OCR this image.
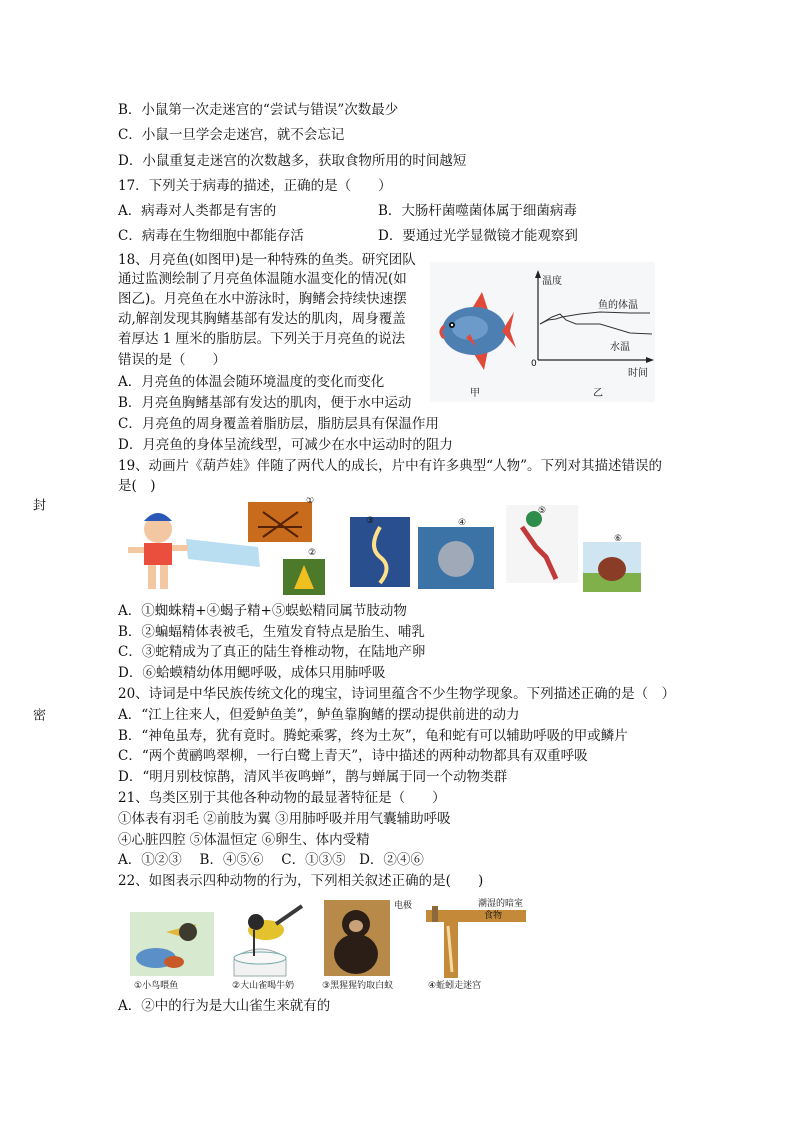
封
密
B．小鼠第一次走迷宫的“尝试与错误”次数最少
C．小鼠一旦学会走迷宫，就不会忘记
D．小鼠重复走迷宫的次数越多，获取食物所用的时间越短
17．下列关于病毒的描述，正确的是（　　）
A．病毒对人类都是有害的	B．大肠杆菌噬菌体属于细菌病毒
C．病毒在生物细胞中都能存活	D．要通过光学显微镜才能观察到
18、月亮鱼(如图甲)是一种特殊的鱼类。研究团队
通过监测绘制了月亮鱼体温随水温变化的情况(如
图乙)。月亮鱼在水中游泳时，胸鳍会持续快速摆
动,解剖发现其胸鳍基部有发达的肌肉，周身覆盖
着厚达 1 厘米的脂肪层。下列关于月亮鱼的说法
错误的是（　　）
A．月亮鱼的体温会随环境温度的变化而变化
B．月亮鱼胸鳍基部有发达的肌肉，便于水中运动
C．月亮鱼的周身覆盖着脂肪层，脂肪层具有保温作用
D．月亮鱼的身体呈流线型，可减少在水中运动时的阻力
温度
时间
0
鱼的体温
水温
甲	乙
19、动画片《葫芦娃》伴随了两代人的成长，片中有许多典型“人物”。下列对其描述错误的
是(　)
①
②
③	④
⑤
⑥
A．①蜘蛛精+④蝎子精+⑤蜈蚣精同属节肢动物
B．②蝙蝠精体表被毛，生殖发育特点是胎生、哺乳
C．③蛇精成为了真正的陆生脊椎动物，在陆地产卵
D．⑥蛤蟆精幼体用鳃呼吸，成体只用肺呼吸
20、诗词是中华民族传统文化的瑰宝，诗词里蕴含不少生物学现象。下列描述正确的是（　）
A．“江上往来人，但爱鲈鱼美”，鲈鱼靠胸鳍的摆动提供前进的动力
B．“神龟虽寿，犹有竟时。腾蛇乘雾，终为土灰”，龟和蛇有可以辅助呼吸的甲或鳞片
C．“两个黄鹂鸣翠柳，一行白鹭上青天”，诗中描述的两种动物都具有双重呼吸
D．“明月别枝惊鹊，清风半夜鸣蝉”，鹊与蝉属于同一个动物类群
21、鸟类区别于其他各种动物的最显著特征是（　　）
①体表有羽毛 ②前肢为翼 ③用肺呼吸并用气囊辅助呼吸
④心脏四腔 ⑤体温恒定 ⑥卵生、体内受精
A．①②③　 B．④⑤⑥　 C．①③⑤　D．②④⑥
22、如图表示四种动物的行为，下列相关叙述正确的是(　　)
电极	潮湿的暗室
食物
①小鸟喂鱼	②大山雀喝牛奶	③黑猩猩钓取白蚁	④蚯蚓走迷宫
A．②中的行为是大山雀生来就有的
